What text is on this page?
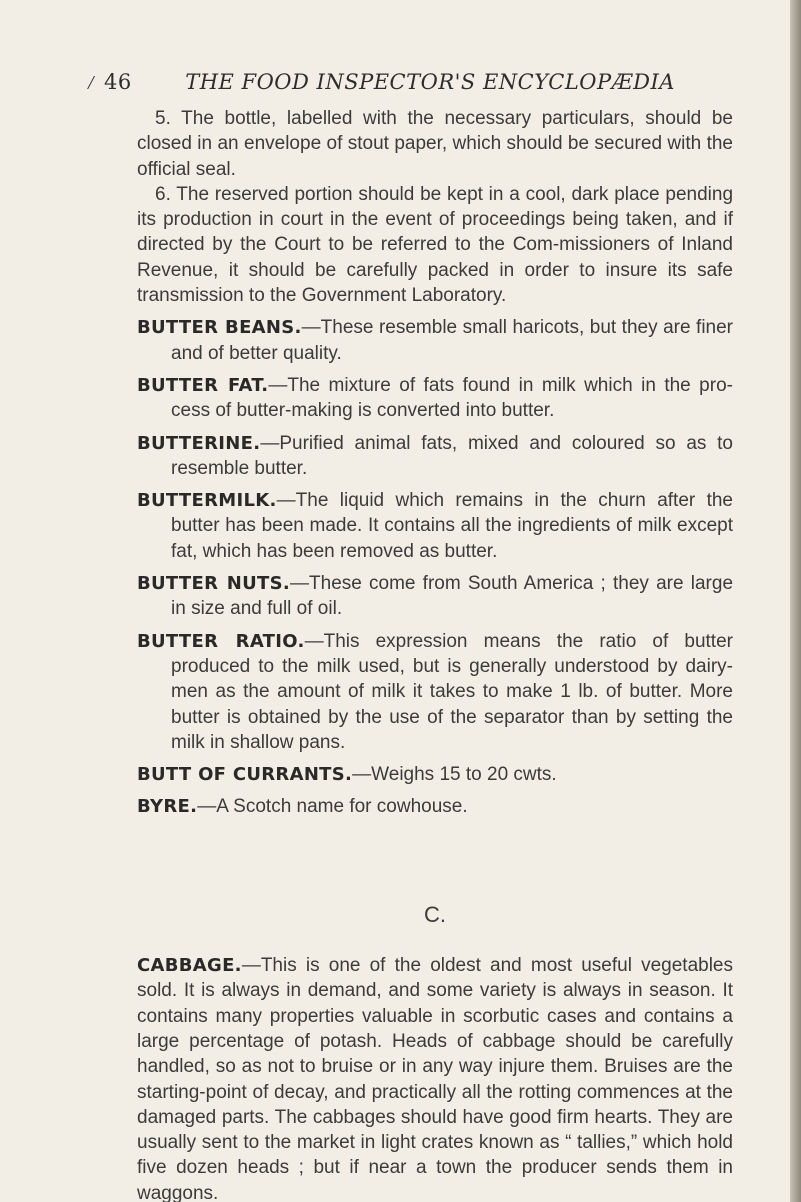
/ 46	THE FOOD INSPECTOR'S ENCYCLOPÆDIA

5. The bottle, labelled with the necessary particulars, should be closed in an envelope of stout paper, which should be secured with the official seal.

6. The reserved portion should be kept in a cool, dark place pending its production in court in the event of proceedings being taken, and if directed by the Court to be referred to the Com-missioners of Inland Revenue, it should be carefully packed in order to insure its safe transmission to the Government Laboratory.

BUTTER BEANS.—These resemble small haricots, but they are finer and of better quality.

BUTTER FAT.—The mixture of fats found in milk which in the pro-cess of butter-making is converted into butter.

BUTTERINE.—Purified animal fats, mixed and coloured so as to resemble butter.

BUTTERMILK.—The liquid which remains in the churn after the butter has been made. It contains all the ingredients of milk except fat, which has been removed as butter.

BUTTER NUTS.—These come from South America ; they are large in size and full of oil.

BUTTER RATIO.—This expression means the ratio of butter produced to the milk used, but is generally understood by dairy-men as the amount of milk it takes to make 1 lb. of butter. More butter is obtained by the use of the separator than by setting the milk in shallow pans.

BUTT OF CURRANTS.—Weighs 15 to 20 cwts.

BYRE.—A Scotch name for cowhouse.

C.

CABBAGE.—This is one of the oldest and most useful vegetables sold. It is always in demand, and some variety is always in season. It contains many properties valuable in scorbutic cases and contains a large percentage of potash. Heads of cabbage should be carefully handled, so as not to bruise or in any way injure them. Bruises are the starting-point of decay, and practically all the rotting commences at the damaged parts. The cabbages should have good firm hearts. They are usually sent to the market in light crates known as “ tallies,” which hold five dozen heads ; but if near a town the producer sends them in waggons.
